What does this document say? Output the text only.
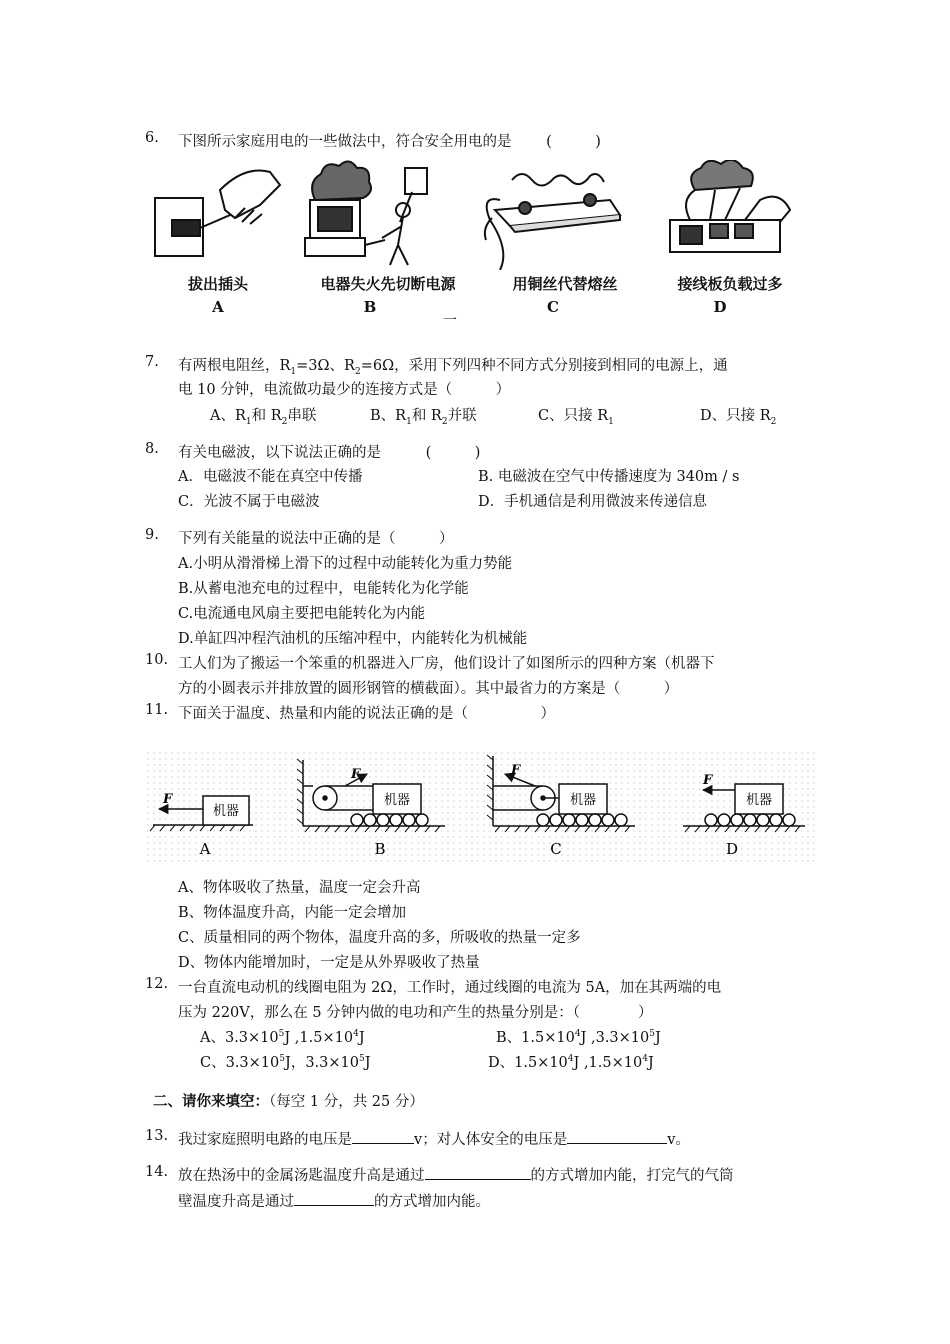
6. 下图所示家庭用电的一些做法中，符合安全用电的是 (　　　)
拔出插头	电器失火先切断电源	用铜丝代替熔丝	接线板负载过多
A	B	C	D
一
7. 有两根电阻丝，$R_1=3\Omega$、$R_2=6\Omega$，采用下列四种不同方式分别接到相同的电源上，通
电 10 分钟，电流做功最少的连接方式是（　　　）
A、$R_1$和 $R_2$串联	B、$R_1$和 $R_2$并联	C、只接 $R_1$	D、只接 $R_2$
8. 有关电磁波，以下说法正确的是	(　　　)
A．电磁波不能在真空中传播	B. 电磁波在空气中传播速度为 340m / s
C．光波不属于电磁波	D．手机通信是利用微波来传递信息
9. 下列有关能量的说法中正确的是（　　　）
A.小明从滑滑梯上滑下的过程中动能转化为重力势能
B.从蓄电池充电的过程中，电能转化为化学能
C.电流通电风扇主要把电能转化为内能
D.单缸四冲程汽油机的压缩冲程中，内能转化为机械能
10. 工人们为了搬运一个笨重的机器进入厂房，他们设计了如图所示的四种方案（机器下
方的小圆表示并排放置的圆形钢管的横截面）。其中最省力的方案是（　　　）
11. 下面关于温度、热量和内能的说法正确的是（　　　　　）
机器
F	机器
F
机器
F
机器
F
A	B	C	D
A、物体吸收了热量，温度一定会升高
B、物体温度升高，内能一定会增加
C、质量相同的两个物体，温度升高的多，所吸收的热量一定多
D、物体内能增加时，一定是从外界吸收了热量
12. 一台直流电动机的线圈电阻为 2Ω，工作时，通过线圈的电流为 5A，加在其两端的电
压为 220V，那么在 5 分钟内做的电功和产生的热量分别是：（　　　　）
A、$3.3\times 10^5J$ $,1.5\times 10^4J$	B、$1.5\times 10^4J$ $,3.3\times 10^5J$
C、$3.3\times 10^5J$，$3.3\times 10^5J$	D、$1.5\times 10^4J$ $,1.5\times 10^4J$
二、请你来填空：（每空 1 分，共 25 分）
13. 我过家庭照明电路的电压是	v；对人体安全的电压是	v。
14. 放在热汤中的金属汤匙温度升高是通过	的方式增加内能，打完气的气筒
壁温度升高是通过	的方式增加内能。
